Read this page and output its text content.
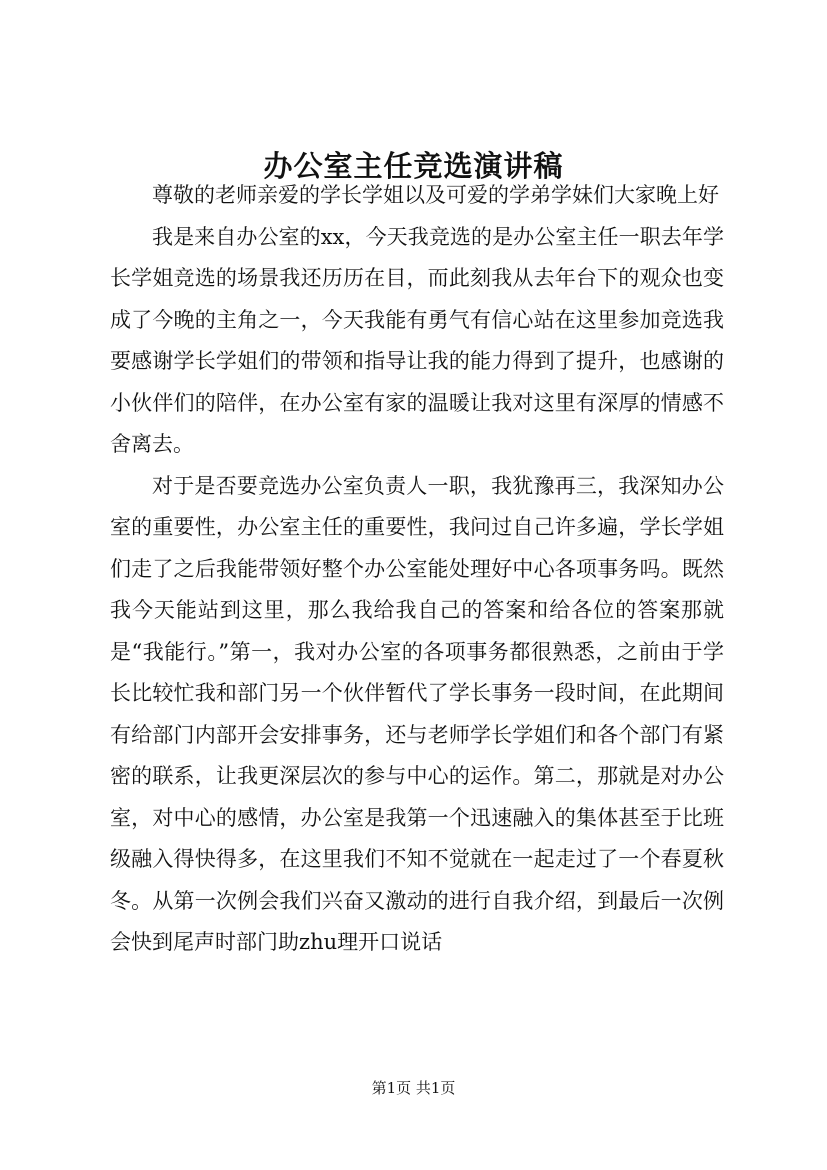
办公室主任竞选演讲稿

尊敬的老师亲爱的学长学姐以及可爱的学弟学妹们大家晚上好

我是来自办公室的xx，今天我竞选的是办公室主任一职去年学长学姐竞选的场景我还历历在目，而此刻我从去年台下的观众也变成了今晚的主角之一，今天我能有勇气有信心站在这里参加竞选我要感谢学长学姐们的带领和指导让我的能力得到了提升，也感谢的小伙伴们的陪伴，在办公室有家的温暖让我对这里有深厚的情感不舍离去。

对于是否要竞选办公室负责人一职，我犹豫再三，我深知办公室的重要性，办公室主任的重要性，我问过自己许多遍，学长学姐们走了之后我能带领好整个办公室能处理好中心各项事务吗。既然我今天能站到这里，那么我给我自己的答案和给各位的答案那就是“我能行。”第一，我对办公室的各项事务都很熟悉，之前由于学长比较忙我和部门另一个伙伴暂代了学长事务一段时间，在此期间有给部门内部开会安排事务，还与老师学长学姐们和各个部门有紧密的联系，让我更深层次的参与中心的运作。第二，那就是对办公室，对中心的感情，办公室是我第一个迅速融入的集体甚至于比班级融入得快得多，在这里我们不知不觉就在一起走过了一个春夏秋冬。从第一次例会我们兴奋又激动的进行自我介绍，到最后一次例会快到尾声时部门助zhu理开口说话

第1页 共1页
